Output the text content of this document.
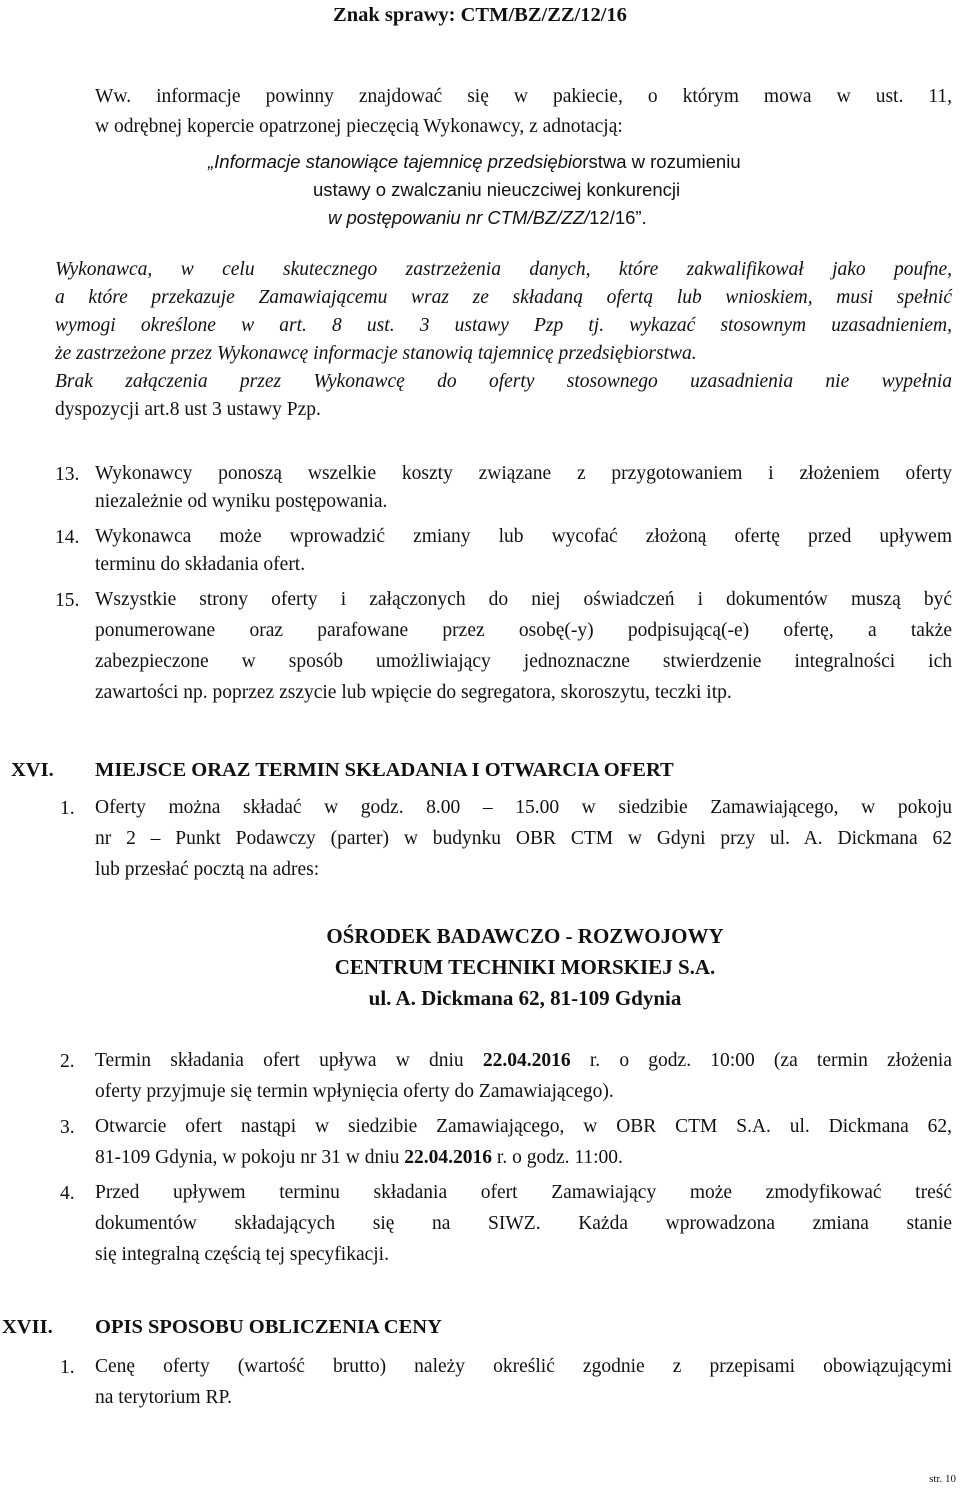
Znak sprawy: CTM/BZ/ZZ/12/16
Ww. informacje powinny znajdować się w pakiecie, o którym mowa w ust. 11,
w odrębnej kopercie opatrzonej pieczęcią Wykonawcy, z adnotacją:
„Informacje stanowiące tajemnicę przedsiębiorstwa w rozumieniu
ustawy o zwalczaniu nieuczciwej konkurencji
w postępowaniu nr CTM/BZ/ZZ/12/16”.
Wykonawca, w celu skutecznego zastrzeżenia danych, które zakwalifikował jako poufne,
a które przekazuje Zamawiającemu wraz ze składaną ofertą lub wnioskiem, musi spełnić
wymogi określone w art. 8 ust. 3 ustawy Pzp tj. wykazać stosownym uzasadnieniem,
że zastrzeżone przez Wykonawcę informacje stanowią tajemnicę przedsiębiorstwa.
Brak załączenia przez Wykonawcę do oferty stosownego uzasadnienia nie wypełnia
dyspozycji art.8 ust 3 ustawy Pzp.
13. Wykonawcy ponoszą wszelkie koszty związane z przygotowaniem i złożeniem oferty
niezależnie od wyniku postępowania.
14. Wykonawca może wprowadzić zmiany lub wycofać złożoną ofertę przed upływem
terminu do składania ofert.
15. Wszystkie strony oferty i załączonych do niej oświadczeń i dokumentów muszą być
ponumerowane oraz parafowane przez osobę(-y) podpisującą(-e) ofertę, a także
zabezpieczone w sposób umożliwiający jednoznaczne stwierdzenie integralności ich
zawartości np. poprzez zszycie lub wpięcie do segregatora, skoroszytu, teczki itp.
XVI. MIEJSCE ORAZ TERMIN SKŁADANIA I OTWARCIA OFERT
1. Oferty można składać w godz. 8.00 – 15.00 w siedzibie Zamawiającego, w pokoju
nr 2 – Punkt Podawczy (parter) w budynku OBR CTM w Gdyni przy ul. A. Dickmana 62
lub przesłać pocztą na adres:
OŚRODEK BADAWCZO - ROZWOJOWY
CENTRUM TECHNIKI MORSKIEJ S.A.
ul. A. Dickmana 62, 81-109 Gdynia
2. Termin składania ofert upływa w dniu 22.04.2016 r. o godz. 10:00 (za termin złożenia
oferty przyjmuje się termin wpłynięcia oferty do Zamawiającego).
3. Otwarcie ofert nastąpi w siedzibie Zamawiającego, w OBR CTM S.A. ul. Dickmana 62,
81-109 Gdynia, w pokoju nr 31 w dniu 22.04.2016 r. o godz. 11:00.
4. Przed upływem terminu składania ofert Zamawiający może zmodyfikować treść
dokumentów składających się na SIWZ. Każda wprowadzona zmiana stanie
się integralną częścią tej specyfikacji.
XVII. OPIS SPOSOBU OBLICZENIA CENY
1. Cenę oferty (wartość brutto) należy określić zgodnie z przepisami obowiązującymi
na terytorium RP.
str. 10
